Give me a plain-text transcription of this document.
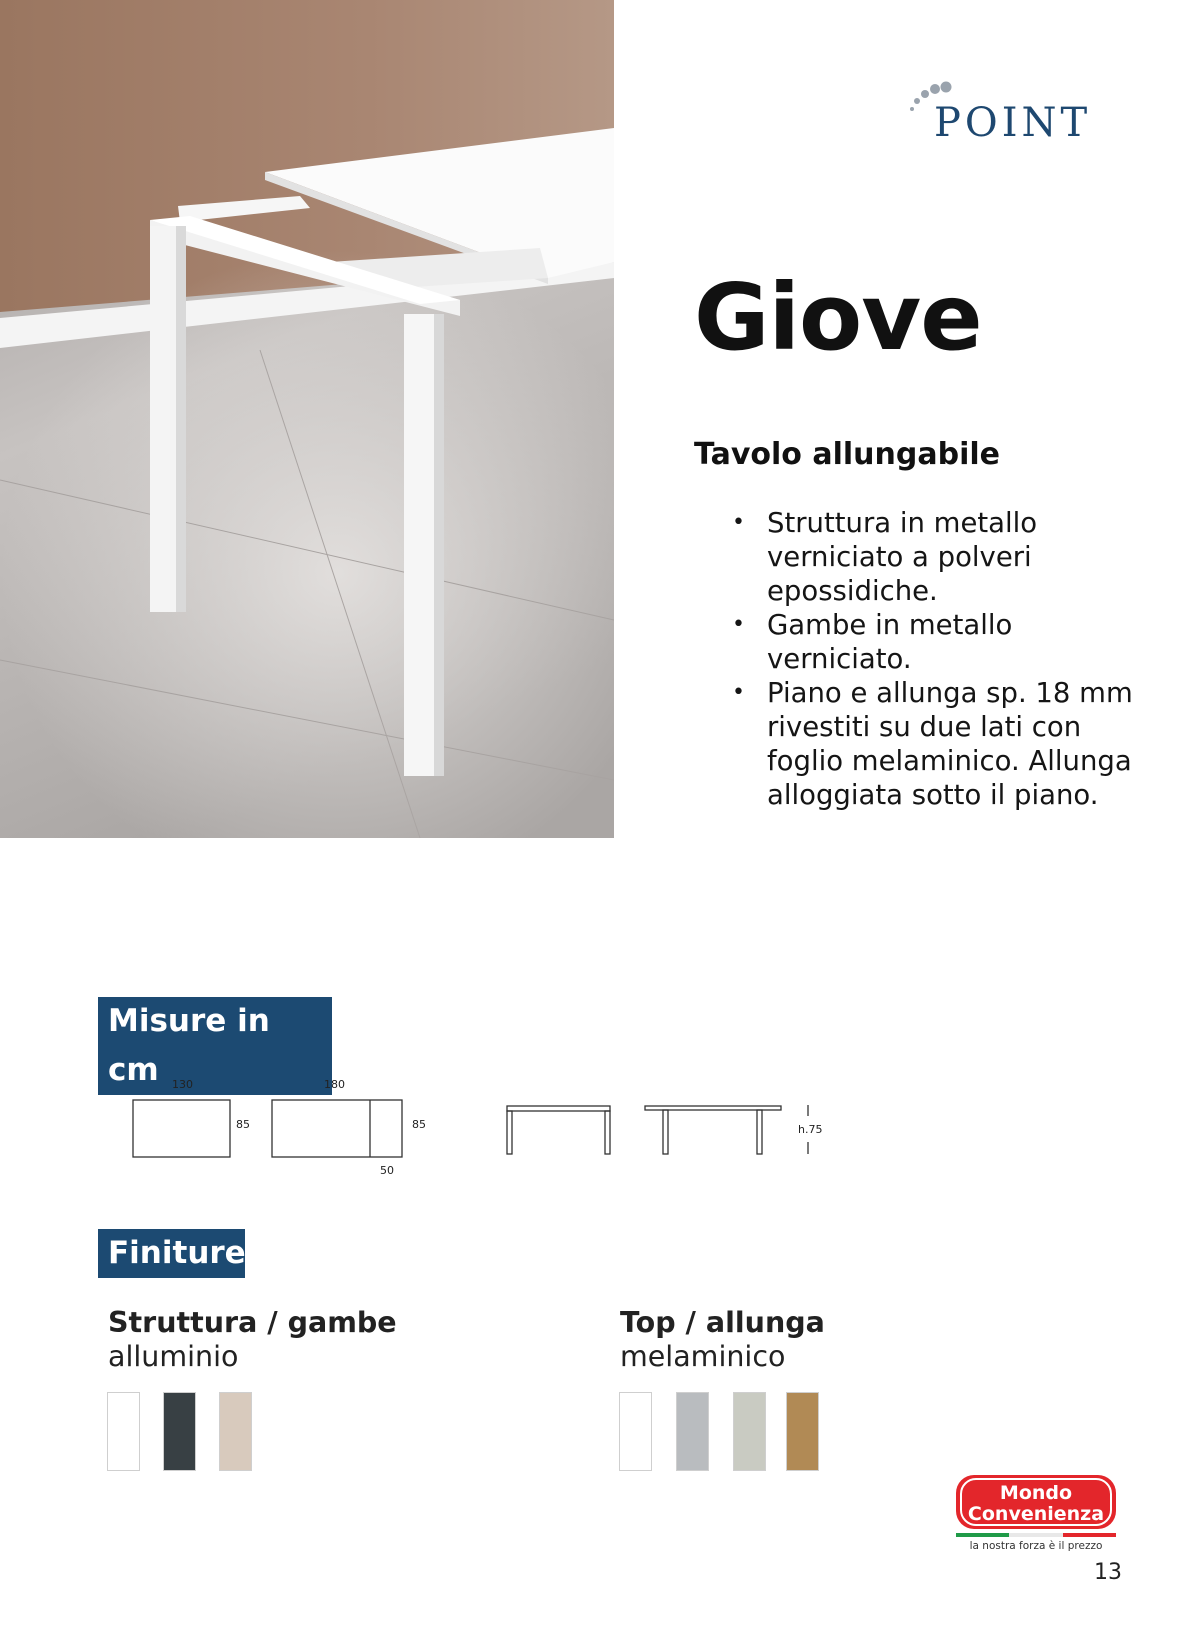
POINT
Giove
Tavolo allungabile
• Struttura in metallo verniciato a polveri epossidiche.
• Gambe in metallo verniciato.
• Piano e allunga sp. 18 mm rivestiti su due lati con foglio melaminico. Allunga alloggiata sotto il piano.
Misure in cm	130
85
180
85
50
h.75
Finiture
Struttura / gambe
alluminio
Top / allunga
melaminico
Mondo
Convenienza
la nostra forza è il prezzo
13
